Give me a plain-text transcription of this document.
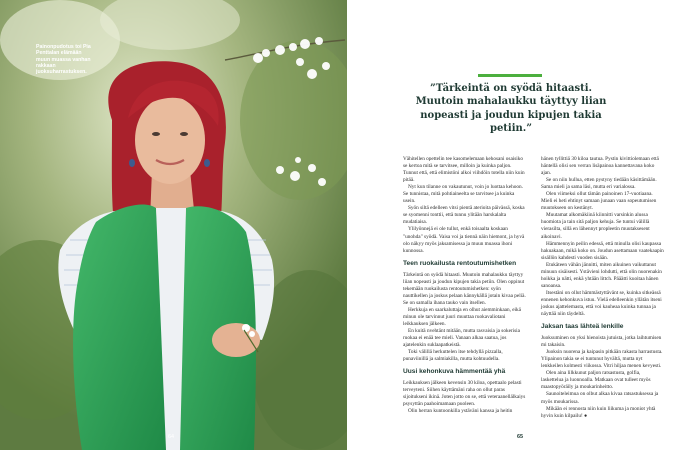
Painonpudotus toi Pia Penttalan elämään muun muassa vanhan rakkaan juoksuharrastuksen.
64

”Tärkeintä on syödä hitaasti. Muutoin mahalaukku täyttyy liian nopeasti ja joudun kipujen takia petiin.”

Vähitellen opettelin tee kasomelemaan kehosani osaisiko se kertoa mitä se tarvitsee, milloin ja kuinka paljon. Tunnut että, että elimistöni alkoi viihdöin totella niin kuin pitää.

Nyt kun tilanne on vakautunut, voin jo luottaa kehoon. Se tunnistaa, mitä pohtiaineelta se tarvitsee ja kuinka usein.

Syön siltä edelleen vitsi pientä aterioita päivässä, koska se syomenni tonttii, että tunnu ylitään harskalalta mudatiaisa.

Ylilyönnejä ei ole tullut, enkä toisaalta koskaan "unohda" syödä. Vaisa voi ja tiennä näin hiemont, ja hyvä olo näkyy myös jaksamisessa ja muun muassa ihoni kunnossa.

Teen ruokailusta rentoutumishetken

Tärkeintä on syödä hitaasti. Muutoin mahalaukku täyttyy liian nopeasti ja joudun kipujen takia petiin. Olen oppinut tekemään ruokailusta rentoutumishetken: syön nauttikellen ja joskus pelaan kännykällä jotain kivaa peliä. Se on samalla ihana tauko vain itsellen.

Herkkuja en saarkaluttaja en olhut aiemminkaan, eikä minun ole tarvinnut juuri muuttaa ruokavaliotani leikkauksen jälkeen.

En kuitä nvehtänt mitään, mutta rasvaisia ja sokerisia ruokaa ei enää tee mieli. Vanaan alkaa saatua, jos ajatelenkin suklaapatkeistä.

Toki välillä herkuttelen itse tehdyllä pizzalla, punaviinillä ja salmiakilla, mutta kohtuudella.

Uusi kehonkuva hämmentää yhä

Leikkauksen jälkeen kevensin 30 kiloa, opettaalo pelasti terveyteni. Siihen käyttämäni raha on ollut paras sijoitukseni ikinä. Joten jotto on se, että veteraanellälkaiys psysyttän paahoimamaan puoleen.

Olin herran kuntoonkilla ystäväni kanssa ja heitin

hänen tyllittiä 30 kiloa tautua. Pystin kivittiolemaan että häntellä olisi sen verran lisäpainoa kannettavana koko ajan.

Se on niin hullua, etten pystyny tiedään käsittämään. Sama mieli ja sama läsi, mutta eri varialossa.

Olen viimeksi ollut tämän painoinen 17-vuotiaana. Mieli ei heti ehtinyt samaan junaan vaan sopeutumisen muutokseen on kestänyt.

Muutamat alkomäkiinä kiinnitti varsinkin alussa huomiota ja tain sitä paljon kehuja. Se tuntui välillä vierasilta, sillä en lähennyt propleetin muutaksesent aikoinavi.

Hämmennyin peilin edessä, että minulla olisi kaupassa hakuakaan, mikä koko on. Joudun asettamaan vaatekaapin sisällön kahdesti vuoden sisään.

Etukäteen vähän jännitti, miten aikuinen vaikuttanut minuun sisäisesti. Ystävieni lohdutti, että olin nuorenakin hoikka ja nätti, enkä yhtään littch. Pääätti kuoitaa hänen sanoansa.

Itsestäni on ollut hämmästyttävänt se, kuinka sitkeässä ennenen kehonkuva istuu. Vielä edelleenkin yllätän itseni joskus ajattelemasta, että voi kauheaa kuinka tunnaa ja näyttää niin täydeltä.

Jaksan taas lähteä lenkille

Juoksuminen on yksi hienoista jutuista, jotka laihtumisen mi takaisin.

Juoksin nuorena ja kaipasin pitkään rakasta harrastusta. Ylipainon takia se ei tuntunut hyvältä, mutta nyt lenkkeilen kolmesti viikossa. Vitri hiljaa menen kevyesti.

Olen aina lilkkunut paljon ratsastusta, golfia, laskettelua ja luonnoalla. Matkaan ovat tulleet myös maastopyöräily ja moukarinheitto.

Saunoiteleimua on olbut alkaa kivaa ratsastuksessa ja myös moukarissa.

Mikään ei rennosta niin kuin liikuma ja moniot yhtä hyvin kuin kilpailu! ●

65
